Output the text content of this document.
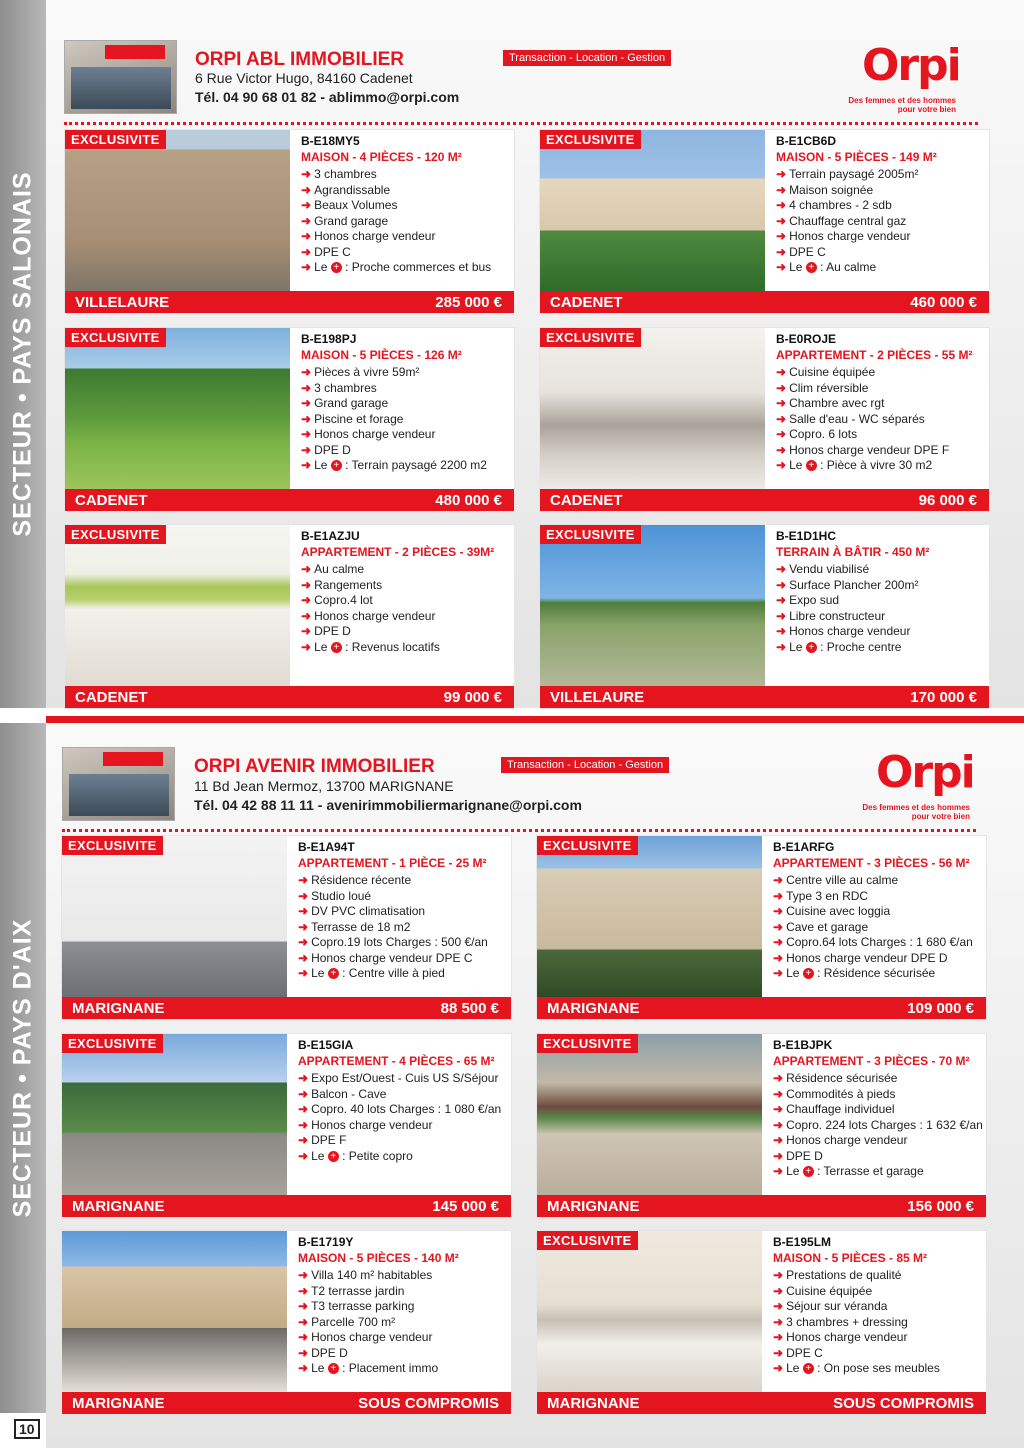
SECTEUR • PAYS SALONAIS
ORPI ABL IMMOBILIER
6 Rue Victor Hugo, 84160 Cadenet
Tél. 04 90 68 01 82 - ablimmo@orpi.com
Transaction - Location - Gestion	Orpi
Des femmes et des hommes
pour votre bien
EXCLUSIVITE	B-E18MY5
MAISON - 4 PIÈCES - 120 M²
➜ 3 chambres
➜ Agrandissable
➜ Beaux Volumes
➜ Grand garage
➜ Honos charge vendeur
➜ DPE C
➜ Le + : Proche commerces et bus
VILLELAURE	285 000 €
EXCLUSIVITE	B-E1CB6D
MAISON - 5 PIÈCES - 149 M²
➜ Terrain paysagé 2005m²
➜ Maison soignée
➜ 4 chambres - 2 sdb
➜ Chauffage central gaz
➜ Honos charge vendeur
➜ DPE C
➜ Le + : Au calme
CADENET	460 000 €
EXCLUSIVITE	B-E198PJ
MAISON - 5 PIÈCES - 126 M²
➜ Pièces à vivre 59m²
➜ 3 chambres
➜ Grand garage
➜ Piscine et forage
➜ Honos charge vendeur
➜ DPE D
➜ Le + : Terrain paysagé 2200 m2
CADENET	480 000 €
EXCLUSIVITE	B-E0ROJE
APPARTEMENT - 2 PIÈCES - 55 M²
➜ Cuisine équipée
➜ Clim réversible
➜ Chambre avec rgt
➜ Salle d'eau - WC séparés
➜ Copro. 6 lots
➜ Honos charge vendeur DPE F
➜ Le + : Pièce à vivre 30 m2
CADENET	96 000 €
EXCLUSIVITE	B-E1AZJU
APPARTEMENT - 2 PIÈCES - 39M²
➜ Au calme
➜ Rangements
➜ Copro.4 lot
➜ Honos charge vendeur
➜ DPE D
➜ Le + : Revenus locatifs
CADENET	99 000 €
EXCLUSIVITE	B-E1D1HC
TERRAIN À BÂTIR - 450 M²
➜ Vendu viabilisé
➜ Surface Plancher 200m²
➜ Expo sud
➜ Libre constructeur
➜ Honos charge vendeur
➜ Le + : Proche centre
VILLELAURE	170 000 €
SECTEUR • PAYS D'AIX
ORPI AVENIR IMMOBILIER
11 Bd Jean Mermoz, 13700 MARIGNANE
Tél. 04 42 88 11 11 - avenirimmobiliermarignane@orpi.com
Transaction - Location - Gestion	Orpi
Des femmes et des hommes
pour votre bien
EXCLUSIVITE	B-E1A94T
APPARTEMENT - 1 PIÈCE - 25 M²
➜ Résidence récente
➜ Studio loué
➜ DV PVC climatisation
➜ Terrasse de 18 m2
➜ Copro.19 lots Charges : 500 €/an
➜ Honos charge vendeur DPE C
➜ Le + : Centre ville à pied
MARIGNANE	88 500 €
EXCLUSIVITE	B-E1ARFG
APPARTEMENT - 3 PIÈCES - 56 M²
➜ Centre ville au calme
➜ Type 3 en RDC
➜ Cuisine avec loggia
➜ Cave et garage
➜ Copro.64 lots Charges : 1 680 €/an
➜ Honos charge vendeur DPE D
➜ Le + : Résidence sécurisée
MARIGNANE	109 000 €
EXCLUSIVITE	B-E15GIA
APPARTEMENT - 4 PIÈCES - 65 M²
➜ Expo Est/Ouest - Cuis US S/Séjour
➜ Balcon - Cave
➜ Copro. 40 lots Charges : 1 080 €/an
➜ Honos charge vendeur
➜ DPE F
➜ Le + : Petite copro
MARIGNANE	145 000 €
EXCLUSIVITE	B-E1BJPK
APPARTEMENT - 3 PIÈCES - 70 M²
➜ Résidence sécurisée
➜ Commodités à pieds
➜ Chauffage individuel
➜ Copro. 224 lots Charges : 1 632 €/an
➜ Honos charge vendeur
➜ DPE D
➜ Le + : Terrasse et garage
MARIGNANE	156 000 €
B-E1719Y
MAISON - 5 PIÈCES - 140 M²
➜ Villa 140 m² habitables
➜ T2 terrasse jardin
➜ T3 terrasse parking
➜ Parcelle 700 m²
➜ Honos charge vendeur
➜ DPE D
➜ Le + : Placement immo
MARIGNANE	SOUS COMPROMIS
EXCLUSIVITE	B-E195LM
MAISON - 5 PIÈCES - 85 M²
➜ Prestations de qualité
➜ Cuisine équipée
➜ Séjour sur véranda
➜ 3 chambres + dressing
➜ Honos charge vendeur
➜ DPE C
➜ Le + : On pose ses meubles
MARIGNANE	SOUS COMPROMIS
10
